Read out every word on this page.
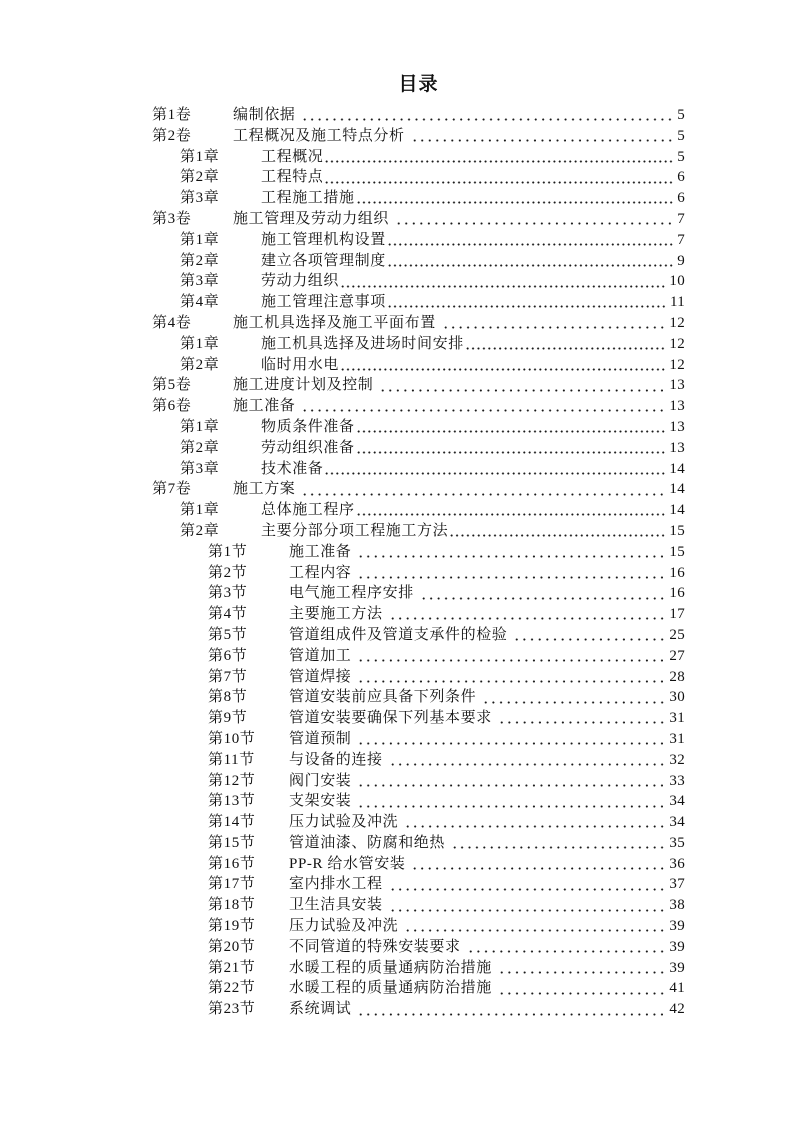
目录
第1卷	编制依据	5
第2卷	工程概况及施工特点分析	5
第1章	工程概况	5
第2章	工程特点	6
第3章	工程施工措施	6
第3卷	施工管理及劳动力组织	7
第1章	施工管理机构设置	7
第2章	建立各项管理制度	9
第3章	劳动力组织	10
第4章	施工管理注意事项	11
第4卷	施工机具选择及施工平面布置	12
第1章	施工机具选择及进场时间安排	12
第2章	临时用水电	12
第5卷	施工进度计划及控制	13
第6卷	施工准备	13
第1章	物质条件准备	13
第2章	劳动组织准备	13
第3章	技术准备	14
第7卷	施工方案	14
第1章	总体施工程序	14
第2章	主要分部分项工程施工方法	15
第1节	施工准备	15
第2节	工程内容	16
第3节	电气施工程序安排	16
第4节	主要施工方法	17
第5节	管道组成件及管道支承件的检验	25
第6节	管道加工	27
第7节	管道焊接	28
第8节	管道安装前应具备下列条件	30
第9节	管道安装要确保下列基本要求	31
第10节	管道预制	31
第11节	与设备的连接	32
第12节	阀门安装	33
第13节	支架安装	34
第14节	压力试验及冲洗	34
第15节	管道油漆、防腐和绝热	35
第16节	PP-R 给水管安装	36
第17节	室内排水工程	37
第18节	卫生洁具安装	38
第19节	压力试验及冲洗	39
第20节	不同管道的特殊安装要求	39
第21节	水暖工程的质量通病防治措施	39
第22节	水暖工程的质量通病防治措施	41
第23节	系统调试	42
